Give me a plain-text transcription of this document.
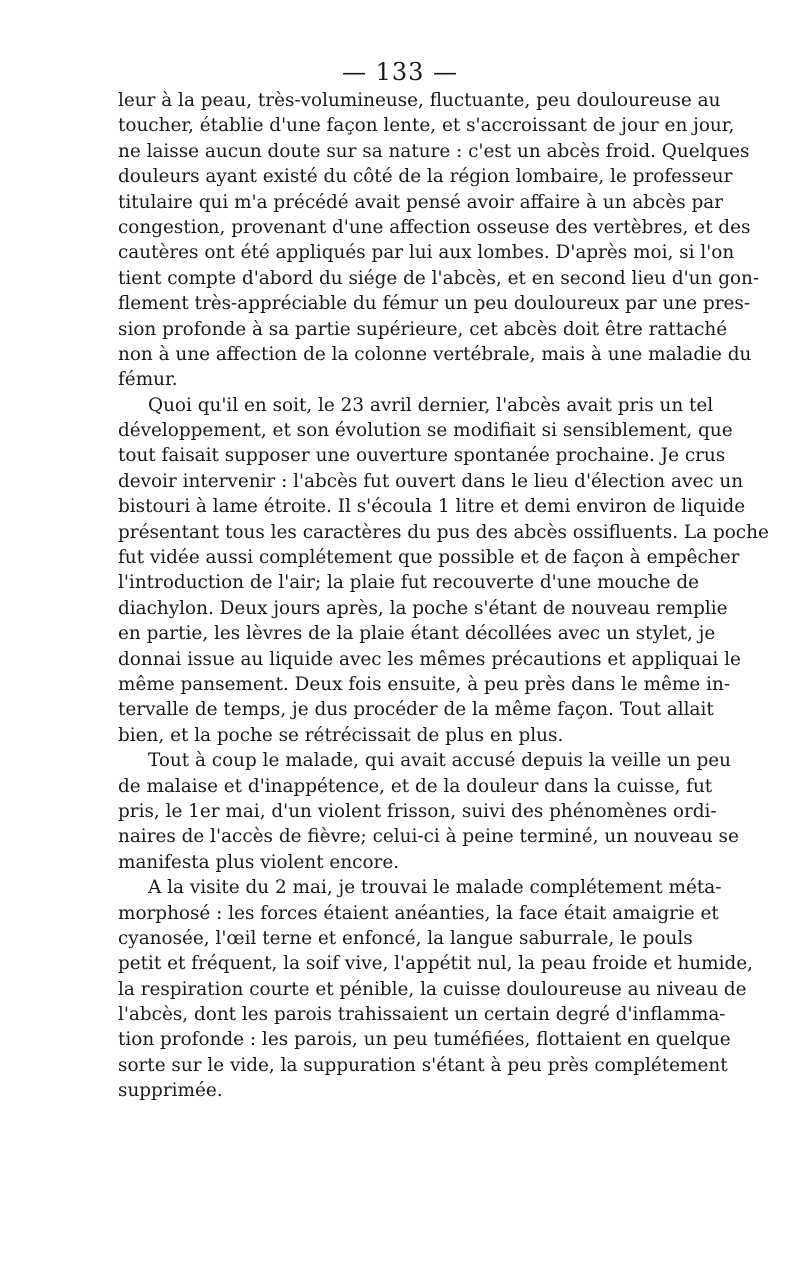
— 133 —
leur à la peau, très-volumineuse, fluctuante, peu douloureuse au
toucher, établie d'une façon lente, et s'accroissant de jour en jour,
ne laisse aucun doute sur sa nature : c'est un abcès froid. Quelques
douleurs ayant existé du côté de la région lombaire, le professeur
titulaire qui m'a précédé avait pensé avoir affaire à un abcès par
congestion, provenant d'une affection osseuse des vertèbres, et des
cautères ont été appliqués par lui aux lombes. D'après moi, si l'on
tient compte d'abord du siége de l'abcès, et en second lieu d'un gon-
flement très-appréciable du fémur un peu douloureux par une pres-
sion profonde à sa partie supérieure, cet abcès doit être rattaché
non à une affection de la colonne vertébrale, mais à une maladie du
fémur.
Quoi qu'il en soit, le 23 avril dernier, l'abcès avait pris un tel
développement, et son évolution se modifiait si sensiblement, que
tout faisait supposer une ouverture spontanée prochaine. Je crus
devoir intervenir : l'abcès fut ouvert dans le lieu d'élection avec un
bistouri à lame étroite. Il s'écoula 1 litre et demi environ de liquide
présentant tous les caractères du pus des abcès ossifluents. La poche
fut vidée aussi complétement que possible et de façon à empêcher
l'introduction de l'air; la plaie fut recouverte d'une mouche de
diachylon. Deux jours après, la poche s'étant de nouveau remplie
en partie, les lèvres de la plaie étant décollées avec un stylet, je
donnai issue au liquide avec les mêmes précautions et appliquai le
même pansement. Deux fois ensuite, à peu près dans le même in-
tervalle de temps, je dus procéder de la même façon. Tout allait
bien, et la poche se rétrécissait de plus en plus.
Tout à coup le malade, qui avait accusé depuis la veille un peu
de malaise et d'inappétence, et de la douleur dans la cuisse, fut
pris, le 1er mai, d'un violent frisson, suivi des phénomènes ordi-
naires de l'accès de fièvre; celui-ci à peine terminé, un nouveau se
manifesta plus violent encore.
A la visite du 2 mai, je trouvai le malade complétement méta-
morphosé : les forces étaient anéanties, la face était amaigrie et
cyanosée, l'œil terne et enfoncé, la langue saburrale, le pouls
petit et fréquent, la soif vive, l'appétit nul, la peau froide et humide,
la respiration courte et pénible, la cuisse douloureuse au niveau de
l'abcès, dont les parois trahissaient un certain degré d'inflamma-
tion profonde : les parois, un peu tuméfiées, flottaient en quelque
sorte sur le vide, la suppuration s'étant à peu près complétement
supprimée.
